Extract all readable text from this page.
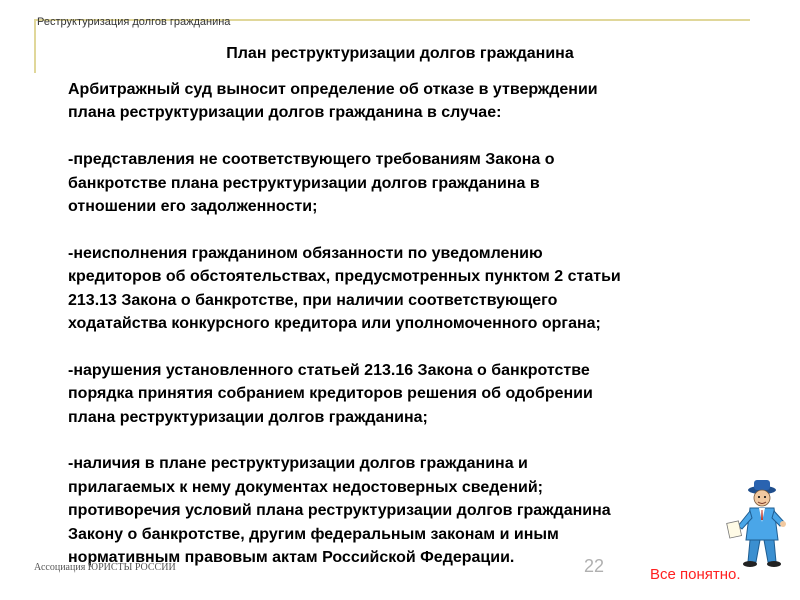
Реструктуризация долгов гражданина
План реструктуризации долгов гражданина

Арбитражный суд выносит определение об отказе в утверждении
плана реструктуризации долгов гражданина в случае:

-представления не соответствующего требованиям Закона о
банкротстве плана реструктуризации долгов гражданина в
отношении его задолженности;

-неисполнения гражданином обязанности по уведомлению
кредиторов об обстоятельствах, предусмотренных пунктом 2 статьи
213.13 Закона о банкротстве, при наличии соответствующего
ходатайства конкурсного кредитора или уполномоченного органа;

-нарушения установленного статьей 213.16 Закона о банкротстве
порядка принятия собранием кредиторов решения об одобрении
плана реструктуризации долгов гражданина;

-наличия в плане реструктуризации долгов гражданина и
прилагаемых к нему документах недостоверных сведений;
противоречия условий плана реструктуризации долгов гражданина
Закону о банкротстве, другим федеральным законам и иным
нормативным правовым актам Российской Федерации.

Ассоциация ЮРИСТЫ РОССИИ	22	Все понятно.
